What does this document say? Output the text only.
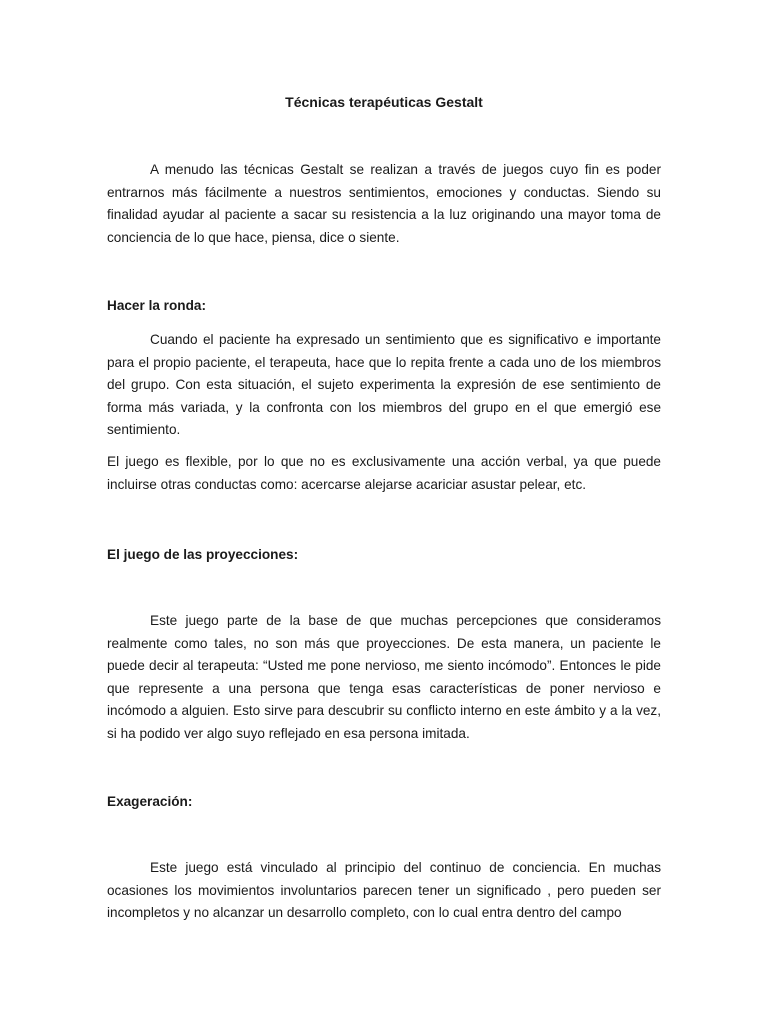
Técnicas terapéuticas Gestalt

A menudo las técnicas Gestalt se realizan a través de juegos cuyo fin es poder entrarnos más fácilmente a nuestros sentimientos, emociones y conductas. Siendo su finalidad ayudar al paciente a sacar su resistencia a la luz originando una mayor toma de conciencia de lo que hace, piensa, dice o siente.

Hacer la ronda:

Cuando el paciente ha expresado un sentimiento que es significativo e importante para el propio paciente, el terapeuta, hace que lo repita frente a cada uno de los miembros del grupo. Con esta situación, el sujeto experimenta la expresión de ese sentimiento de forma más variada, y la confronta con los miembros del grupo en el que emergió ese sentimiento.

El juego es flexible, por lo que no es exclusivamente una acción verbal, ya que puede incluirse otras conductas como: acercarse alejarse acariciar asustar pelear, etc.

El juego de las proyecciones:

Este juego parte de la base de que muchas percepciones que consideramos realmente como tales, no son más que proyecciones. De esta manera, un paciente le puede decir al terapeuta: “Usted me pone nervioso, me siento incómodo”. Entonces le pide que represente a una persona que tenga esas características de poner nervioso e incómodo a alguien. Esto sirve para descubrir su conflicto interno en este ámbito y a la vez, si ha podido ver algo suyo reflejado en esa persona imitada.

Exageración:

Este juego está vinculado al principio del continuo de conciencia. En muchas ocasiones los movimientos involuntarios parecen tener un significado , pero pueden ser incompletos y no alcanzar un desarrollo completo, con lo cual entra dentro del campo
